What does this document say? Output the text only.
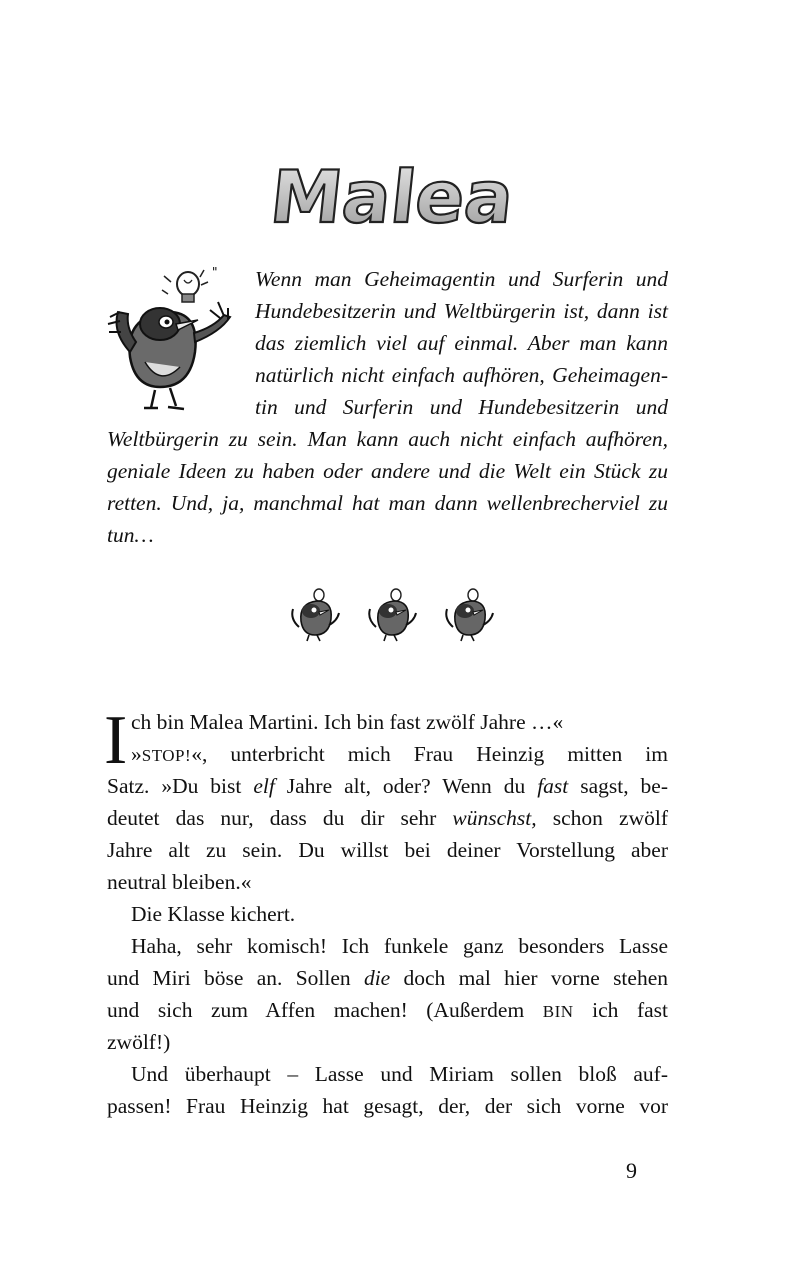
Malea
" Wenn man Geheimagentin und Surferin und
Hundebesitzerin und Weltbürgerin ist, dann ist
das ziemlich viel auf einmal. Aber man kann
natürlich nicht einfach aufhören, Geheimagen-
tin und Surferin und Hundebesitzerin und
Weltbürgerin zu sein. Man kann auch nicht einfach aufhören,
geniale Ideen zu haben oder andere und die Welt ein Stück zu
retten. Und, ja, manchmal hat man dann wellenbrecherviel zu
tun…
I ch bin Malea Martini. Ich bin fast zwölf Jahre …«
»STOP!«, unterbricht mich Frau Heinzig mitten im
Satz. »Du bist elf Jahre alt, oder? Wenn du fast sagst, be-
deutet das nur, dass du dir sehr wünschst, schon zwölf
Jahre alt zu sein. Du willst bei deiner Vorstellung aber
neutral bleiben.«
Die Klasse kichert.
Haha, sehr komisch! Ich funkele ganz besonders Lasse
und Miri böse an. Sollen die doch mal hier vorne stehen
und sich zum Affen machen! (Außerdem BIN ich fast
zwölf!)
Und überhaupt – Lasse und Miriam sollen bloß auf-
passen! Frau Heinzig hat gesagt, der, der sich vorne vor
9
